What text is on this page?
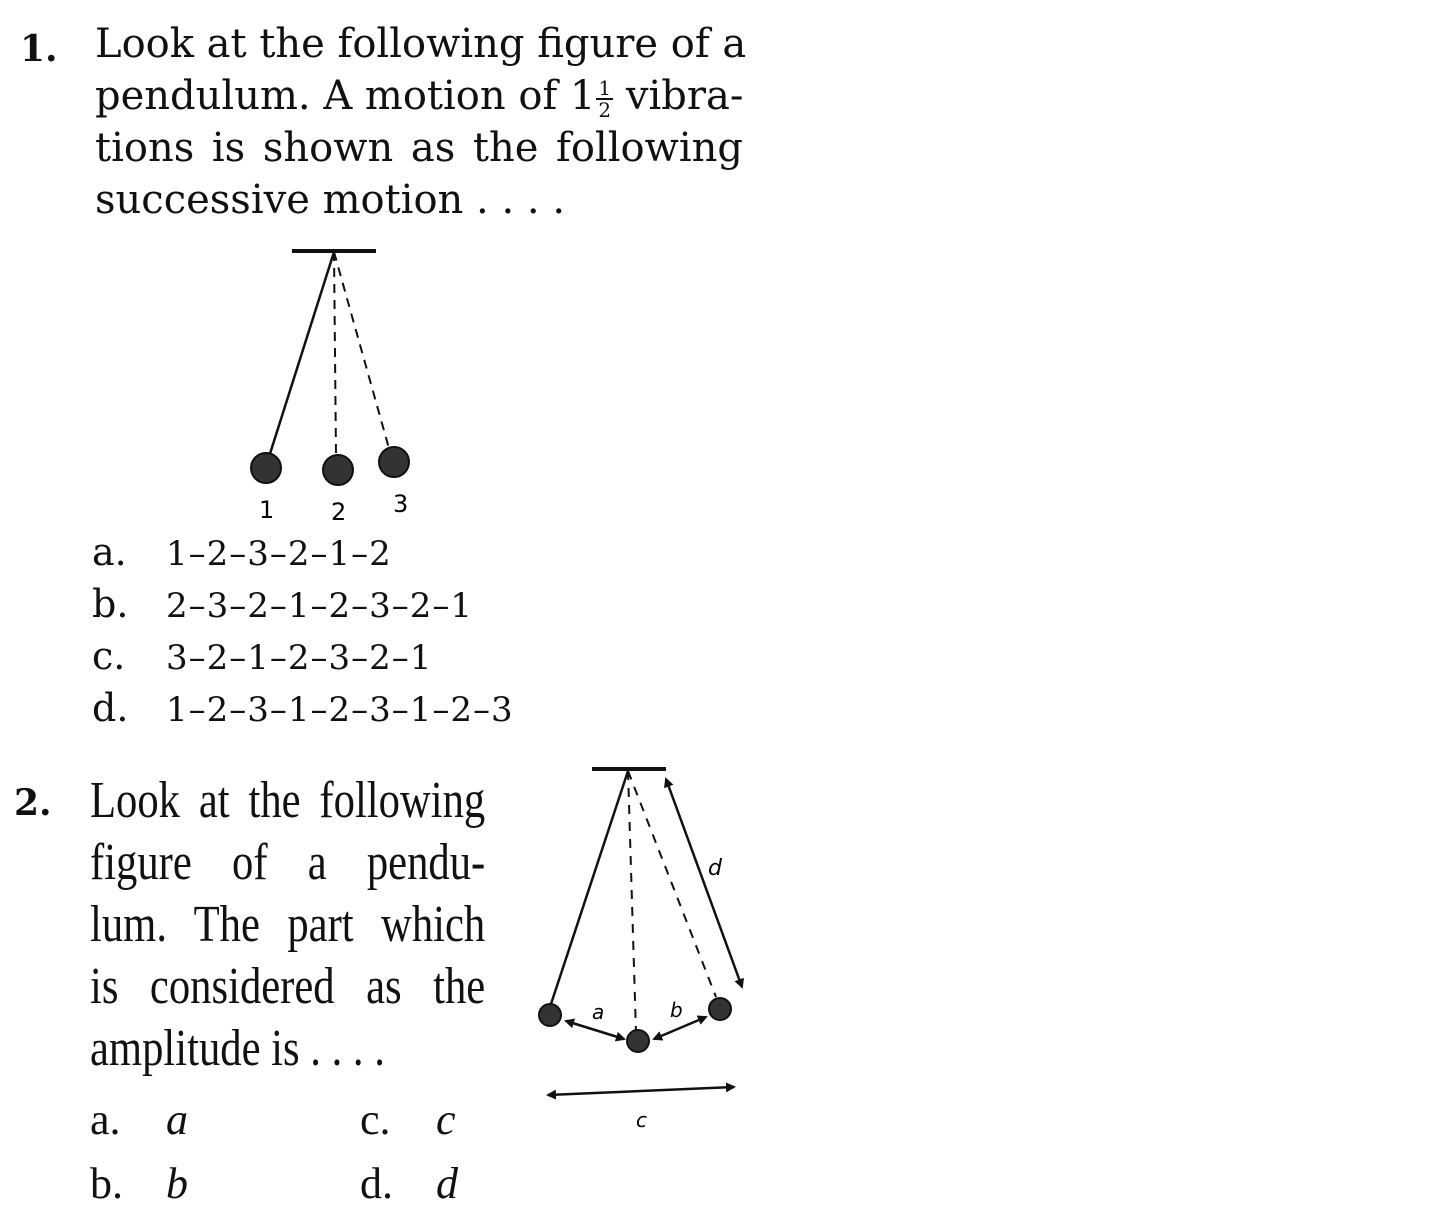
1. Look at the following figure of a
pendulum. A motion of $1 \frac{1}{2}$ vibra-
tions is shown as the following
successive motion . . . .
1 2 3
a. 1–2–3–2–1–2
b. 2–3–2–1–2–3–2–1
c. 3–2–1–2–3–2–1
d. 1–2–3–1–2–3–1–2–3
2. Look at the following
figure of a pendu-
lum. The part which
is considered as the
amplitude is . . . .
d
a	b
c
a. a
b. b
c. c
d. d
